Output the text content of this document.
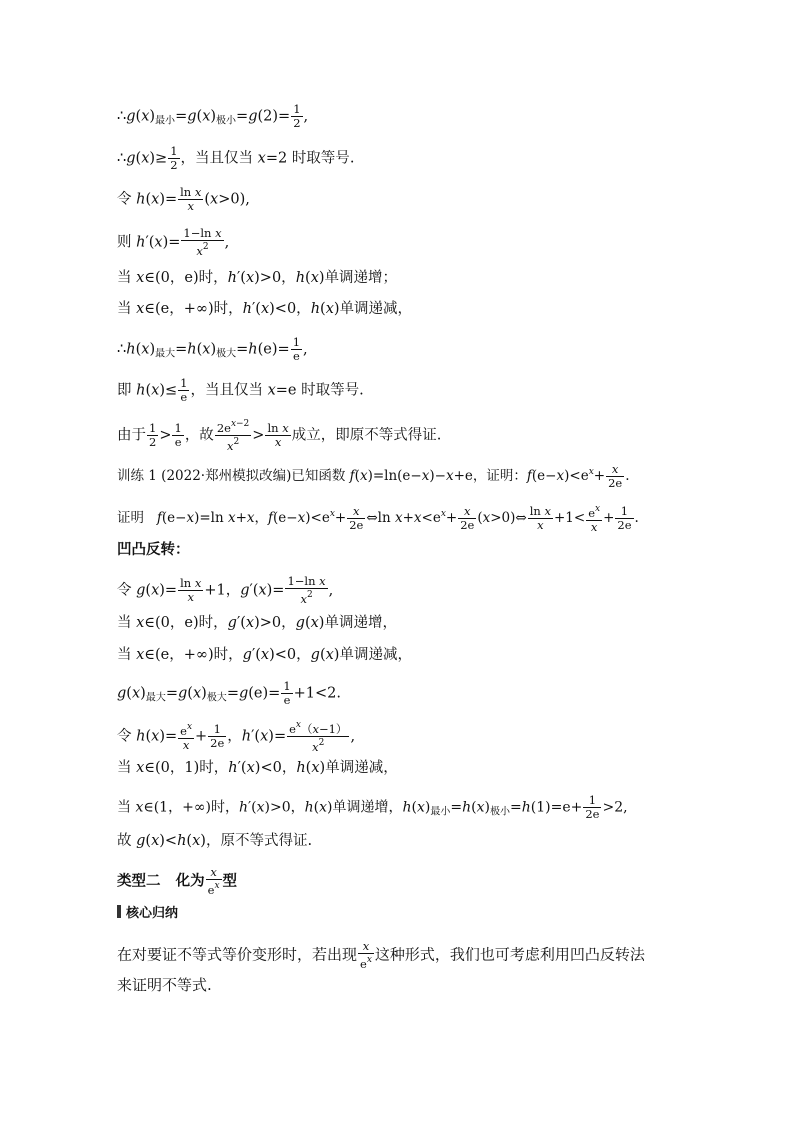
$\therefore g(x)_{最小}=g(x)_{极小}=g(2)= \frac{1}{2}$ ,
∴g(x)≥ $\frac{1}{2}$ ，当且仅当 x=2 时取等号.
令 $h(x)= \frac{\text{ln x}}{x} (x>0)$,
则 $h'(x)= \frac{\text{1−ln x}}{x^2}$ ,
当 x∈(0，e)时，h′(x)>0，h(x)单调递增；
当 x∈(e，+∞)时，h′(x)<0，h(x)单调递减，
$\therefore h(x)_{最大}=h(x)_{极大}=h(e)= \frac{1}{e}$ ,
即 $h(x)\le \frac{1}{e}$ ，当且仅当 x=e 时取等号.
由于 $\frac{1}{2} > \frac{1}{e}$ ，故 $\frac{2e^{x-2}}{x^2} > \frac{\text{ln x}}{x}$ 成立，即原不等式得证.
训练 1 (2022·郑州模拟改编)已知函数 f(x)=ln(e−x)−x+e，证明：$f(e-x)<e^x+ \frac{x}{2e}$ .
证明 f(e−x)=ln x+x，$f(e-x)<e^x+ \frac{x}{2e}$ ⇔ln $x+x<e^x+ \frac{x}{2e}$ (x>0)⇔ $\frac{\text{ln x}}{x} +1< \frac{e^x}{x} + \frac{1}{2e}$ .
凹凸反转：
令 $g(x)= \frac{\text{ln x}}{x} +1$，$g'(x)= \frac{\text{1−ln x}}{x^2}$ ,
当 x∈(0，e)时，g′(x)>0，g(x)单调递增，
当 x∈(e，+∞)时，g′(x)<0，g(x)单调递减，
$g(x)_{最大}=g(x)_{极大}=g(e)= \frac{1}{e} +1<2$.
令 $h(x)= \frac{e^x}{x} + \frac{1}{2e}$ ，$h'(x)= \frac{e^x(x-1)}{x^2}$ ,
当 x∈(0，1)时，h′(x)<0，h(x)单调递减，
当 x∈(1，+∞)时，h′(x)>0，h(x)单调递增，$h(x)_{最小}=h(x)_{极小}=h(1)=e+ \frac{1}{2e} >2$,
故 g(x)<h(x)，原不等式得证.
类型二   化为 $\frac{x}{e^x}$ 型
核心归纳
在对要证不等式等价变形时，若出现 $\frac{x}{e^x}$ 这种形式，我们也可考虑利用凹凸反转法
来证明不等式.
